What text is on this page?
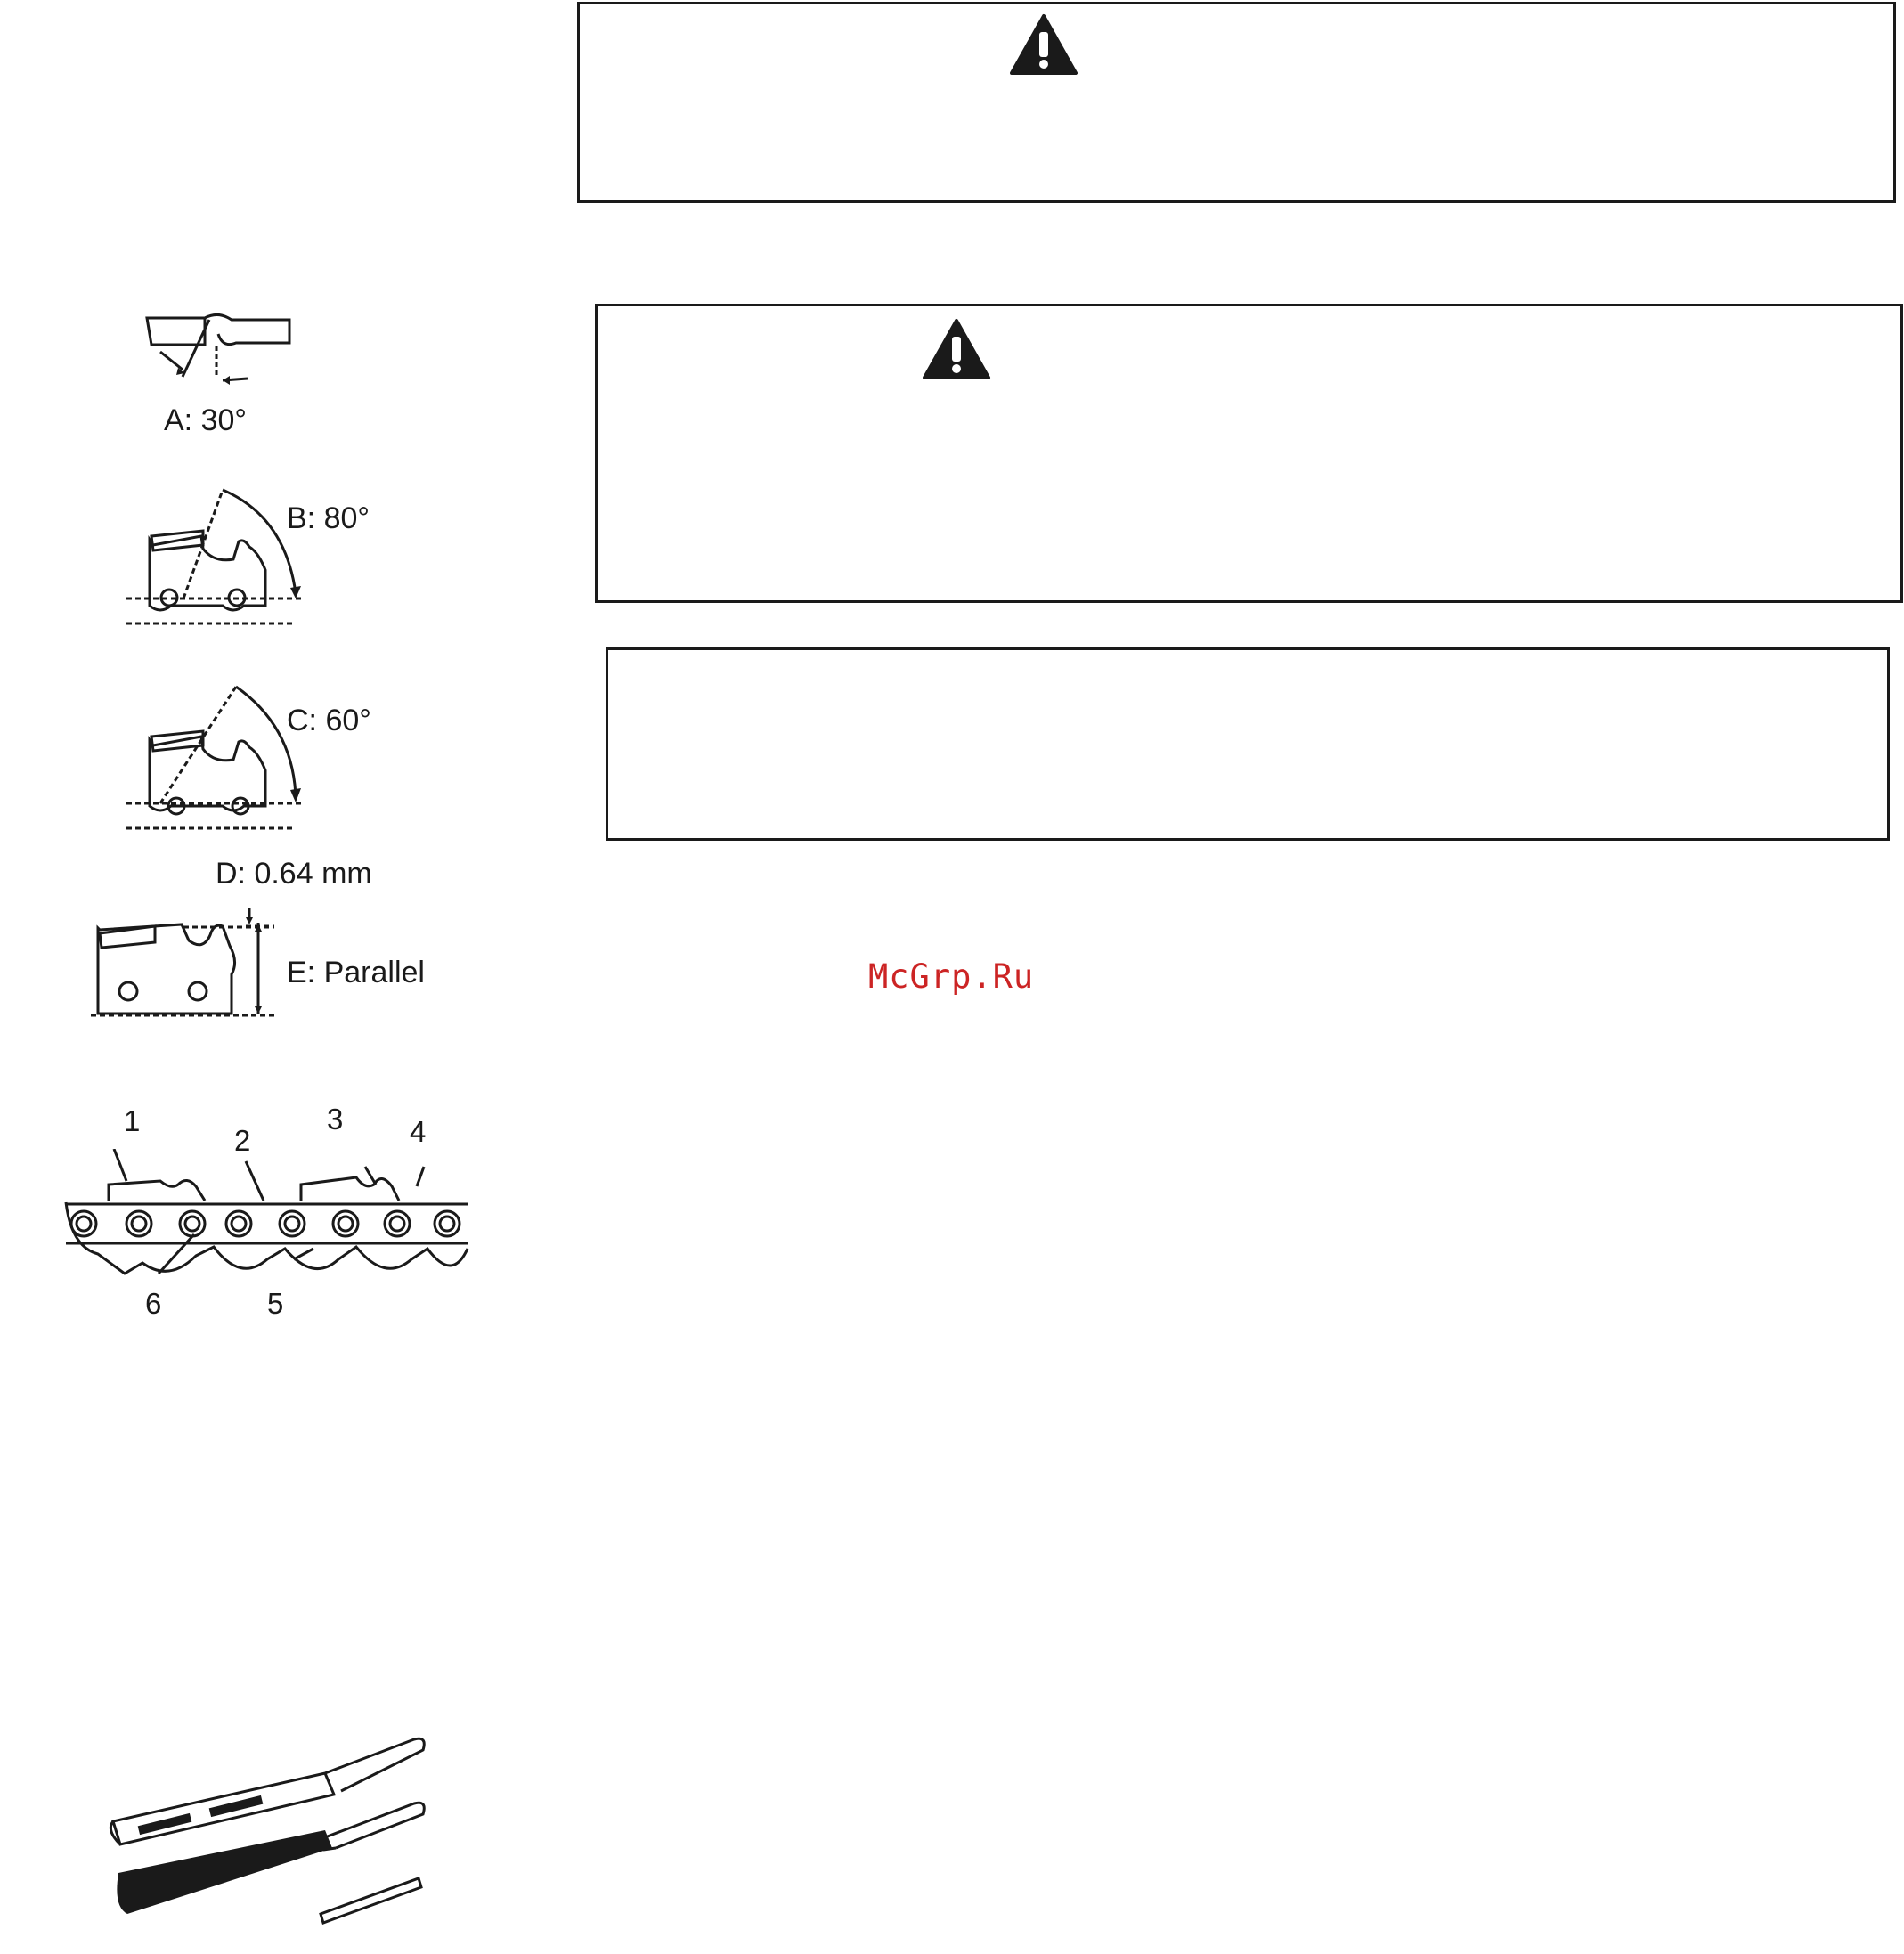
McGrp.Ru
A: 30°
B: 80°
C: 60°
D: 0.64 mm
E: Parallel
1
2
3 4
6	5
